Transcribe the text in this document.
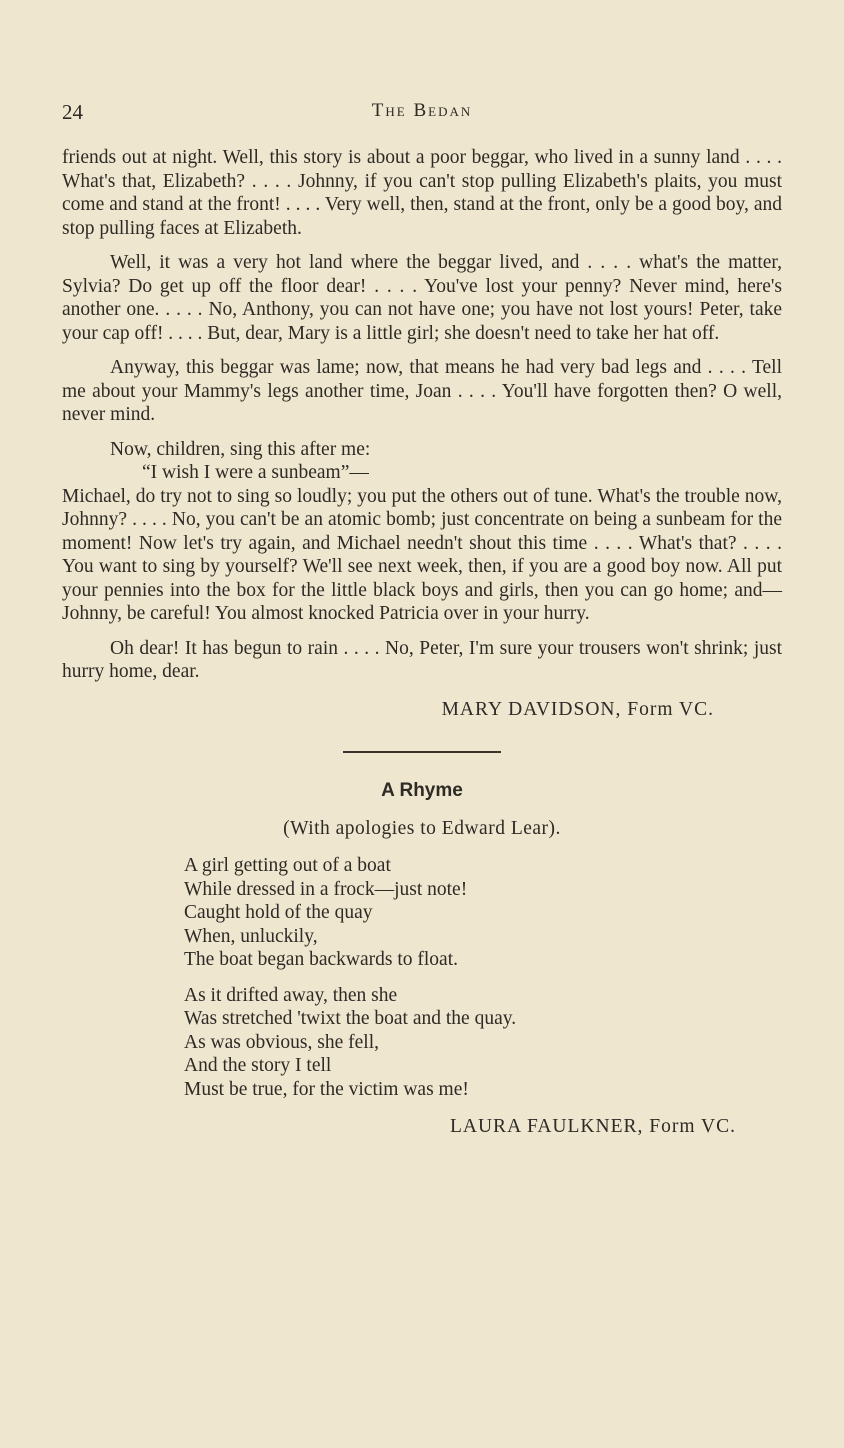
24	The Bedan

friends out at night. Well, this story is about a poor beggar, who lived in a sunny land . . . . What's that, Elizabeth? . . . . Johnny, if you can't stop pulling Elizabeth's plaits, you must come and stand at the front! . . . . Very well, then, stand at the front, only be a good boy, and stop pulling faces at Elizabeth.

Well, it was a very hot land where the beggar lived, and . . . . what's the matter, Sylvia? Do get up off the floor dear! . . . . You've lost your penny? Never mind, here's another one. . . . . No, Anthony, you can not have one; you have not lost yours! Peter, take your cap off! . . . . But, dear, Mary is a little girl; she doesn't need to take her hat off.

Anyway, this beggar was lame; now, that means he had very bad legs and . . . . Tell me about your Mammy's legs another time, Joan . . . . You'll have forgotten then? O well, never mind.

Now, children, sing this after me:

“I wish I were a sunbeam”—

Michael, do try not to sing so loudly; you put the others out of tune. What's the trouble now, Johnny? . . . . No, you can't be an atomic bomb; just concentrate on being a sunbeam for the moment! Now let's try again, and Michael needn't shout this time . . . . What's that? . . . . You want to sing by yourself? We'll see next week, then, if you are a good boy now. All put your pennies into the box for the little black boys and girls, then you can go home; and—Johnny, be careful! You almost knocked Patricia over in your hurry.

Oh dear! It has begun to rain . . . . No, Peter, I'm sure your trousers won't shrink; just hurry home, dear.

MARY DAVIDSON, Form VC.

A Rhyme

(With apologies to Edward Lear).

A girl getting out of a boat
While dressed in a frock—just note!
Caught hold of the quay
When, unluckily,
The boat began backwards to float.
As it drifted away, then she
Was stretched 'twixt the boat and the quay.
As was obvious, she fell,
And the story I tell
Must be true, for the victim was me!

LAURA FAULKNER, Form VC.
